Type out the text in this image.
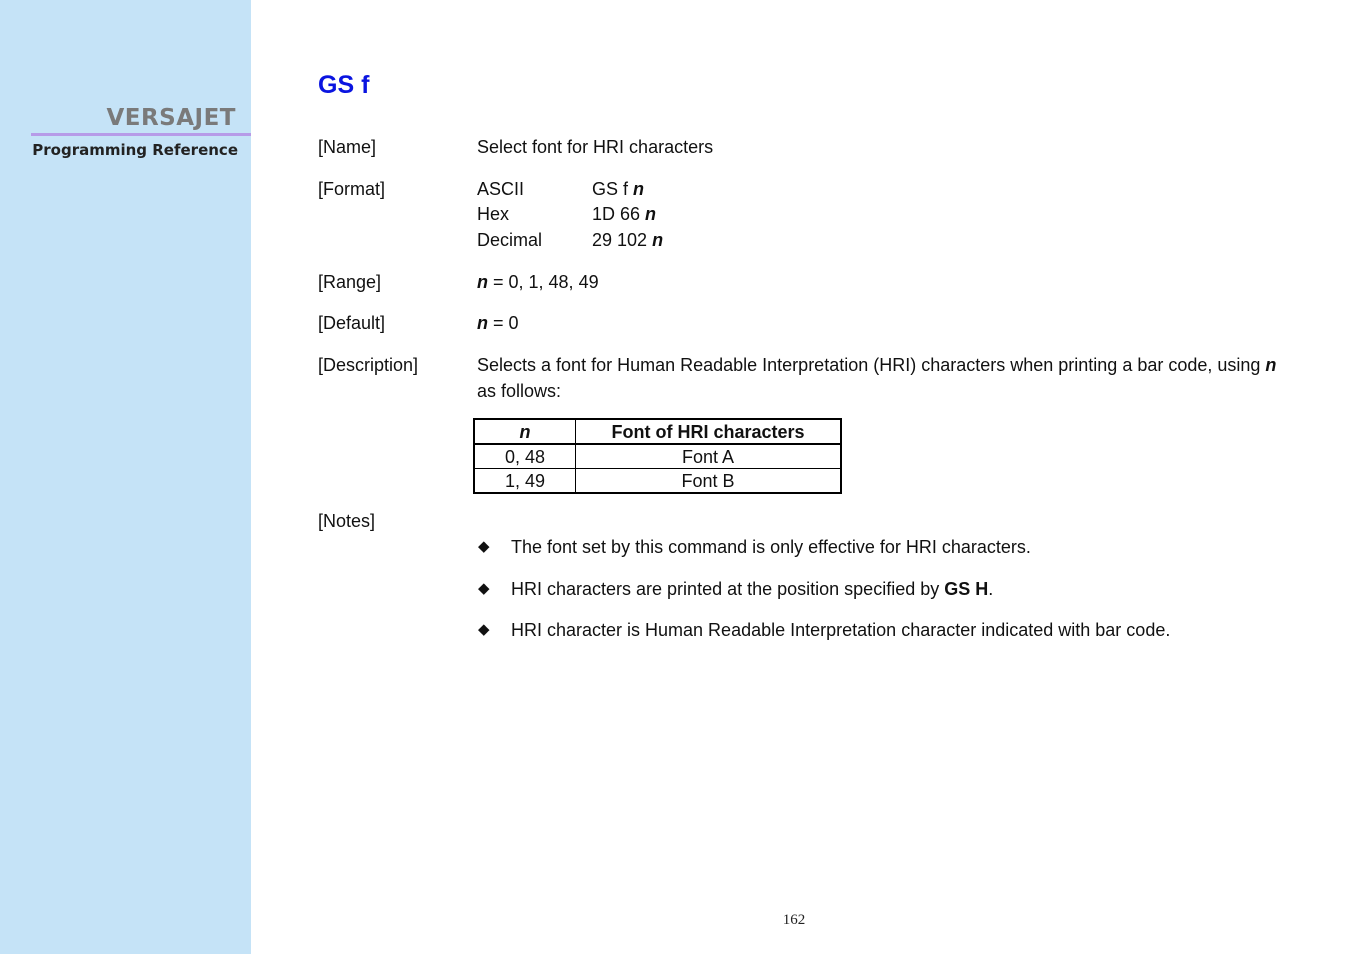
VERSAJET
Programming Reference
GS f
[Name]	Select font for HRI characters
[Format]	ASCII	GS f n
Hex	1D 66 n
Decimal	29 102 n
[Range]	n = 0, 1, 48, 49
[Default]	n = 0
[Description]	Selects a font for Human Readable Interpretation (HRI) characters when printing a bar code, using n as follows:
n	Font of HRI characters
0, 48	Font A
1, 49	Font B
[Notes]
◆ The font set by this command is only effective for HRI characters.
◆ HRI characters are printed at the position specified by GS H.
◆ HRI character is Human Readable Interpretation character indicated with bar code.
162
